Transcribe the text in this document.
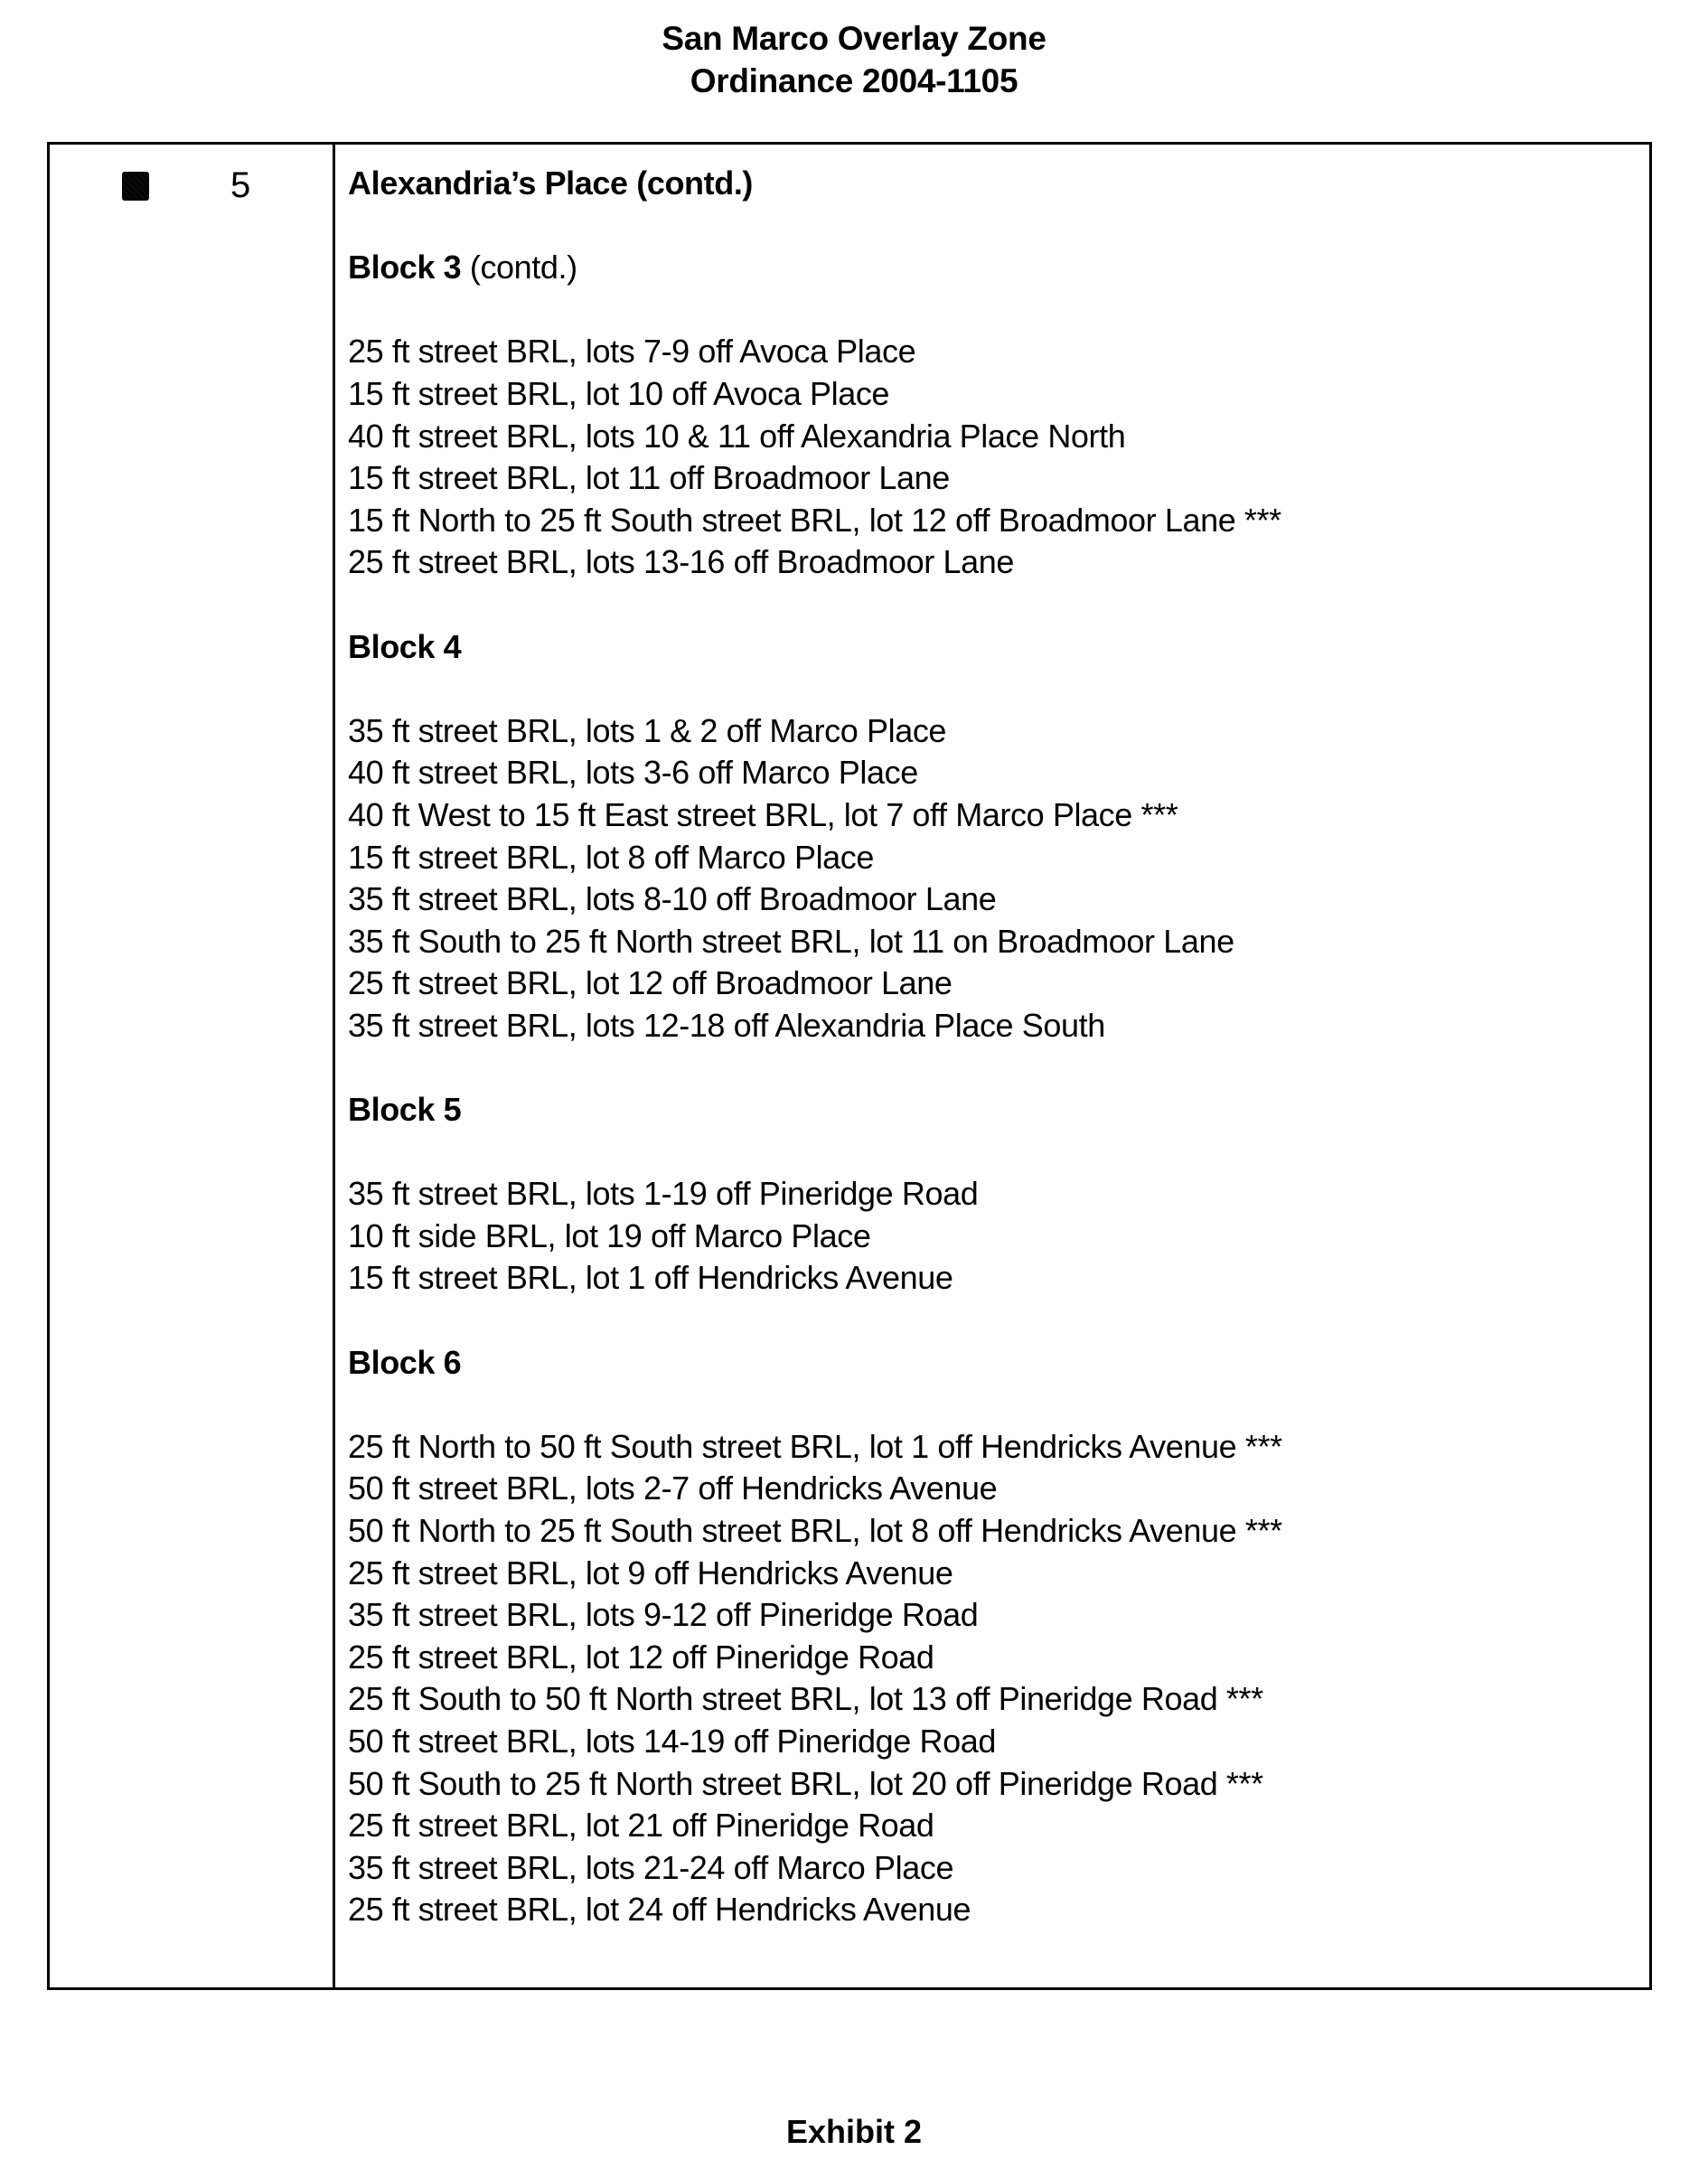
San Marco Overlay Zone
Ordinance 2004-1105
5	Alexandria’s Place (contd.)
Block 3 (contd.)
25 ft street BRL, lots 7-9 off Avoca Place
15 ft street BRL, lot 10 off Avoca Place
40 ft street BRL, lots 10 & 11 off Alexandria Place North
15 ft street BRL, lot 11 off Broadmoor Lane
15 ft North to 25 ft South street BRL, lot 12 off Broadmoor Lane ***
25 ft street BRL, lots 13-16 off Broadmoor Lane
Block 4
35 ft street BRL, lots 1 & 2 off Marco Place
40 ft street BRL, lots 3-6 off Marco Place
40 ft West to 15 ft East street BRL, lot 7 off Marco Place ***
15 ft street BRL, lot 8 off Marco Place
35 ft street BRL, lots 8-10 off Broadmoor Lane
35 ft South to 25 ft North street BRL, lot 11 on Broadmoor Lane
25 ft street BRL, lot 12 off Broadmoor Lane
35 ft street BRL, lots 12-18 off Alexandria Place South
Block 5
35 ft street BRL, lots 1-19 off Pineridge Road
10 ft side BRL, lot 19 off Marco Place
15 ft street BRL, lot 1 off Hendricks Avenue
Block 6
25 ft North to 50 ft South street BRL, lot 1 off Hendricks Avenue ***
50 ft street BRL, lots 2-7 off Hendricks Avenue
50 ft North to 25 ft South street BRL, lot 8 off Hendricks Avenue ***
25 ft street BRL, lot 9 off Hendricks Avenue
35 ft street BRL, lots 9-12 off Pineridge Road
25 ft street BRL, lot 12 off Pineridge Road
25 ft South to 50 ft North street BRL, lot 13 off Pineridge Road ***
50 ft street BRL, lots 14-19 off Pineridge Road
50 ft South to 25 ft North street BRL, lot 20 off Pineridge Road ***
25 ft street BRL, lot 21 off Pineridge Road
35 ft street BRL, lots 21-24 off Marco Place
25 ft street BRL, lot 24 off Hendricks Avenue
Exhibit 2
